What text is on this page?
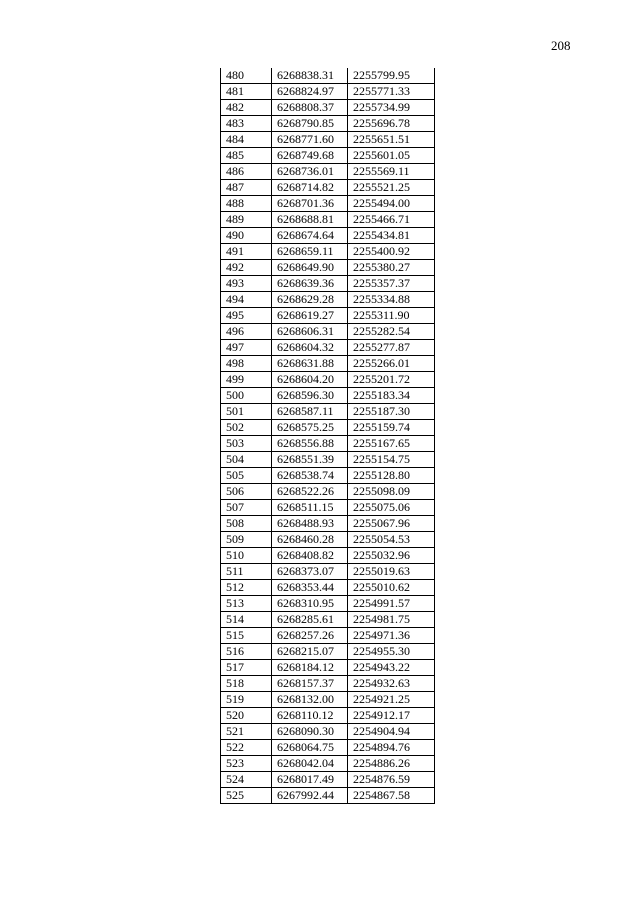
208
480	6268838.31	2255799.95
481	6268824.97	2255771.33
482	6268808.37	2255734.99
483	6268790.85	2255696.78
484	6268771.60	2255651.51
485	6268749.68	2255601.05
486	6268736.01	2255569.11
487	6268714.82	2255521.25
488	6268701.36	2255494.00
489	6268688.81	2255466.71
490	6268674.64	2255434.81
491	6268659.11	2255400.92
492	6268649.90	2255380.27
493	6268639.36	2255357.37
494	6268629.28	2255334.88
495	6268619.27	2255311.90
496	6268606.31	2255282.54
497	6268604.32	2255277.87
498	6268631.88	2255266.01
499	6268604.20	2255201.72
500	6268596.30	2255183.34
501	6268587.11	2255187.30
502	6268575.25	2255159.74
503	6268556.88	2255167.65
504	6268551.39	2255154.75
505	6268538.74	2255128.80
506	6268522.26	2255098.09
507	6268511.15	2255075.06
508	6268488.93	2255067.96
509	6268460.28	2255054.53
510	6268408.82	2255032.96
511	6268373.07	2255019.63
512	6268353.44	2255010.62
513	6268310.95	2254991.57
514	6268285.61	2254981.75
515	6268257.26	2254971.36
516	6268215.07	2254955.30
517	6268184.12	2254943.22
518	6268157.37	2254932.63
519	6268132.00	2254921.25
520	6268110.12	2254912.17
521	6268090.30	2254904.94
522	6268064.75	2254894.76
523	6268042.04	2254886.26
524	6268017.49	2254876.59
525	6267992.44	2254867.58
